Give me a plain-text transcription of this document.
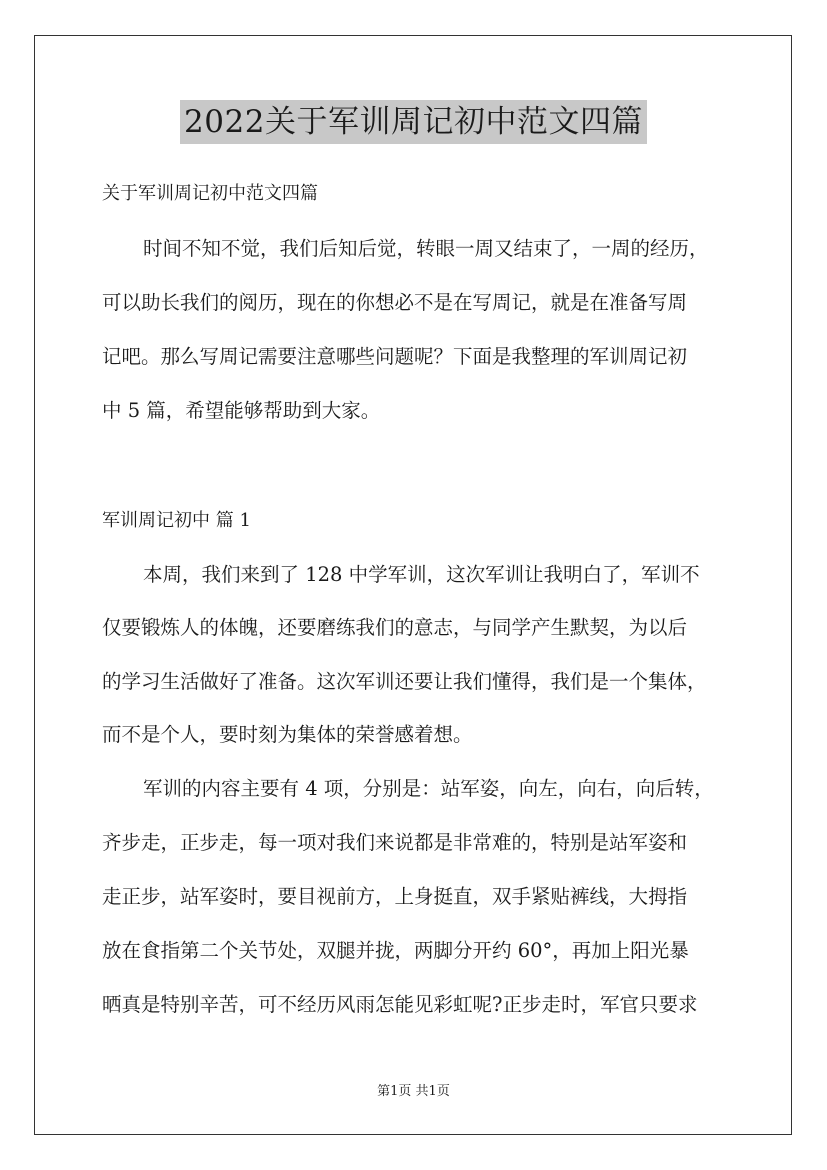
2022关于军训周记初中范文四篇

关于军训周记初中范文四篇

时间不知不觉，我们后知后觉，转眼一周又结束了，一周的经历，

可以助长我们的阅历，现在的你想必不是在写周记，就是在准备写周

记吧。那么写周记需要注意哪些问题呢？下面是我整理的军训周记初

中 5 篇，希望能够帮助到大家。

军训周记初中 篇 1

本周，我们来到了 128 中学军训，这次军训让我明白了，军训不

仅要锻炼人的体魄，还要磨练我们的意志，与同学产生默契，为以后

的学习生活做好了准备。这次军训还要让我们懂得，我们是一个集体，

而不是个人，要时刻为集体的荣誉感着想。

军训的内容主要有 4 项，分别是：站军姿，向左，向右，向后转，

齐步走，正步走，每一项对我们来说都是非常难的，特别是站军姿和

走正步，站军姿时，要目视前方，上身挺直，双手紧贴裤线，大拇指

放在食指第二个关节处，双腿并拢，两脚分开约 60°，再加上阳光暴

晒真是特别辛苦，可不经历风雨怎能见彩虹呢?正步走时，军官只要求

第1页 共1页
